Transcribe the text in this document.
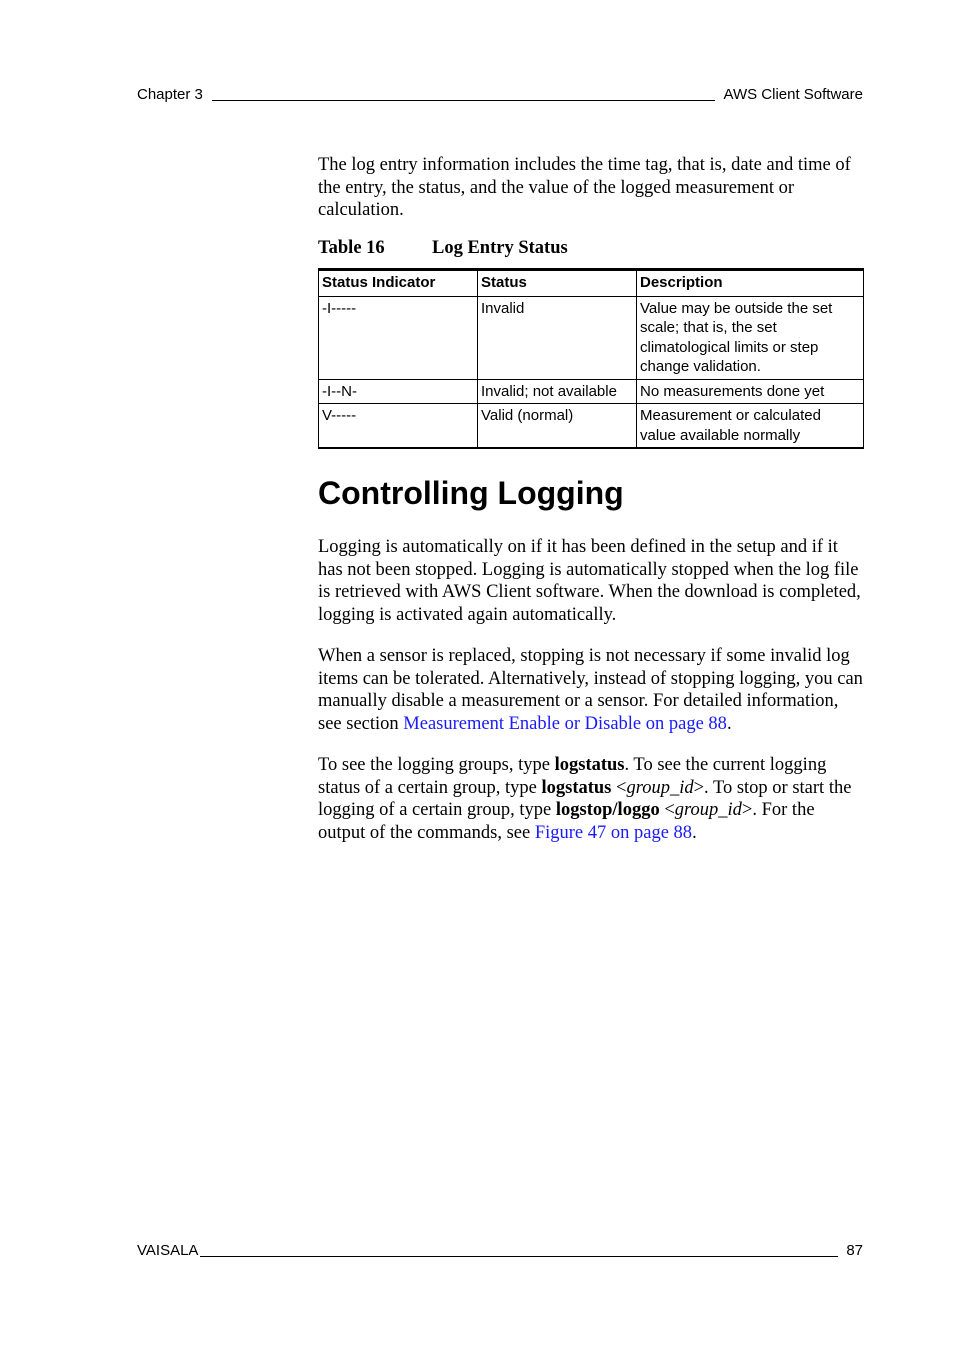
Chapter 3	AWS Client Software

The log entry information includes the time tag, that is, date and time of the entry, the status, and the value of the logged measurement or calculation.

Table 16	Log Entry Status
Status Indicator	Status	Description
-I-----	Invalid	Value may be outside the set scale; that is, the set climatological limits or step change validation.
-I--N-	Invalid; not available	No measurements done yet
V-----	Valid (normal)	Measurement or calculated value available normally
Controlling Logging

Logging is automatically on if it has been defined in the setup and if it has not been stopped. Logging is automatically stopped when the log file is retrieved with AWS Client software. When the download is completed, logging is activated again automatically.

When a sensor is replaced, stopping is not necessary if some invalid log items can be tolerated. Alternatively, instead of stopping logging, you can manually disable a measurement or a sensor. For detailed information, see section Measurement Enable or Disable on page 88.

To see the logging groups, type logstatus. To see the current logging status of a certain group, type logstatus <group_id>. To stop or start the logging of a certain group, type logstop/loggo <group_id>. For the output of the commands, see Figure 47 on page 88.

VAISALA	87
